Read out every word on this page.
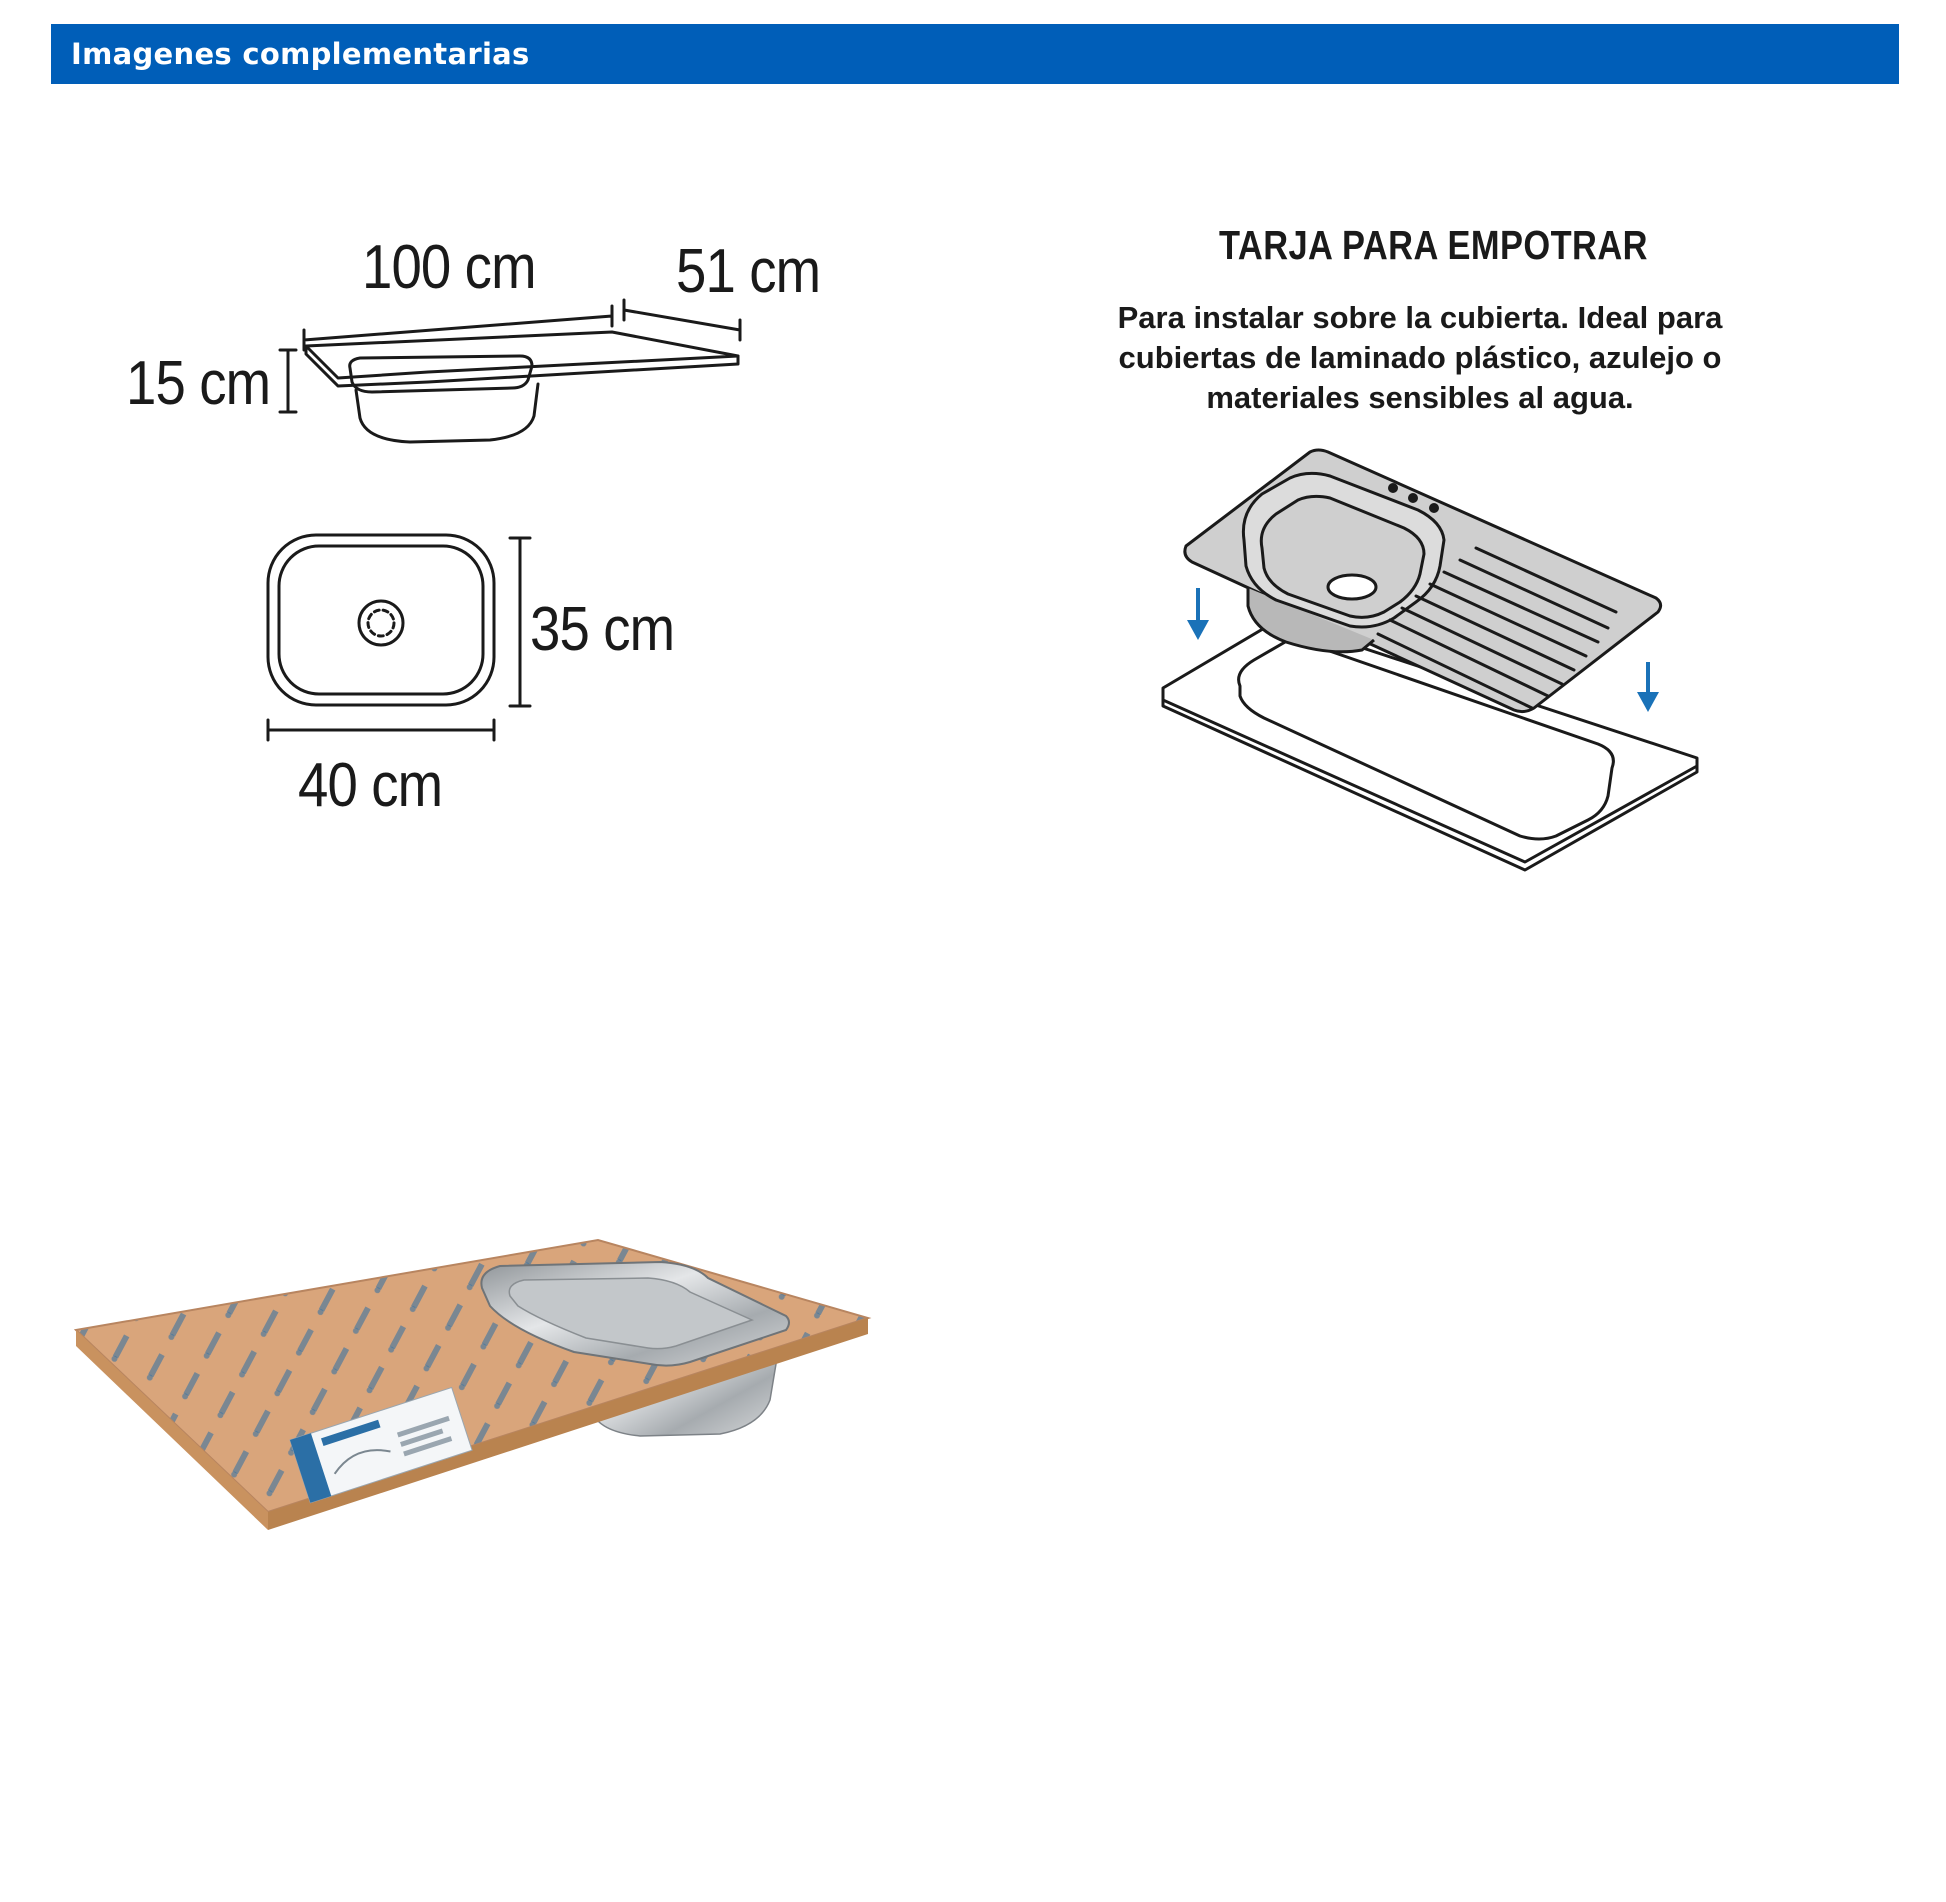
Imagenes complementarias
100 cm 51 cm
15 cm
35 cm
40 cm
TARJA PARA EMPOTRAR
Para instalar sobre la cubierta. Ideal para cubiertas de laminado plástico, azulejo o materiales sensibles al agua.
